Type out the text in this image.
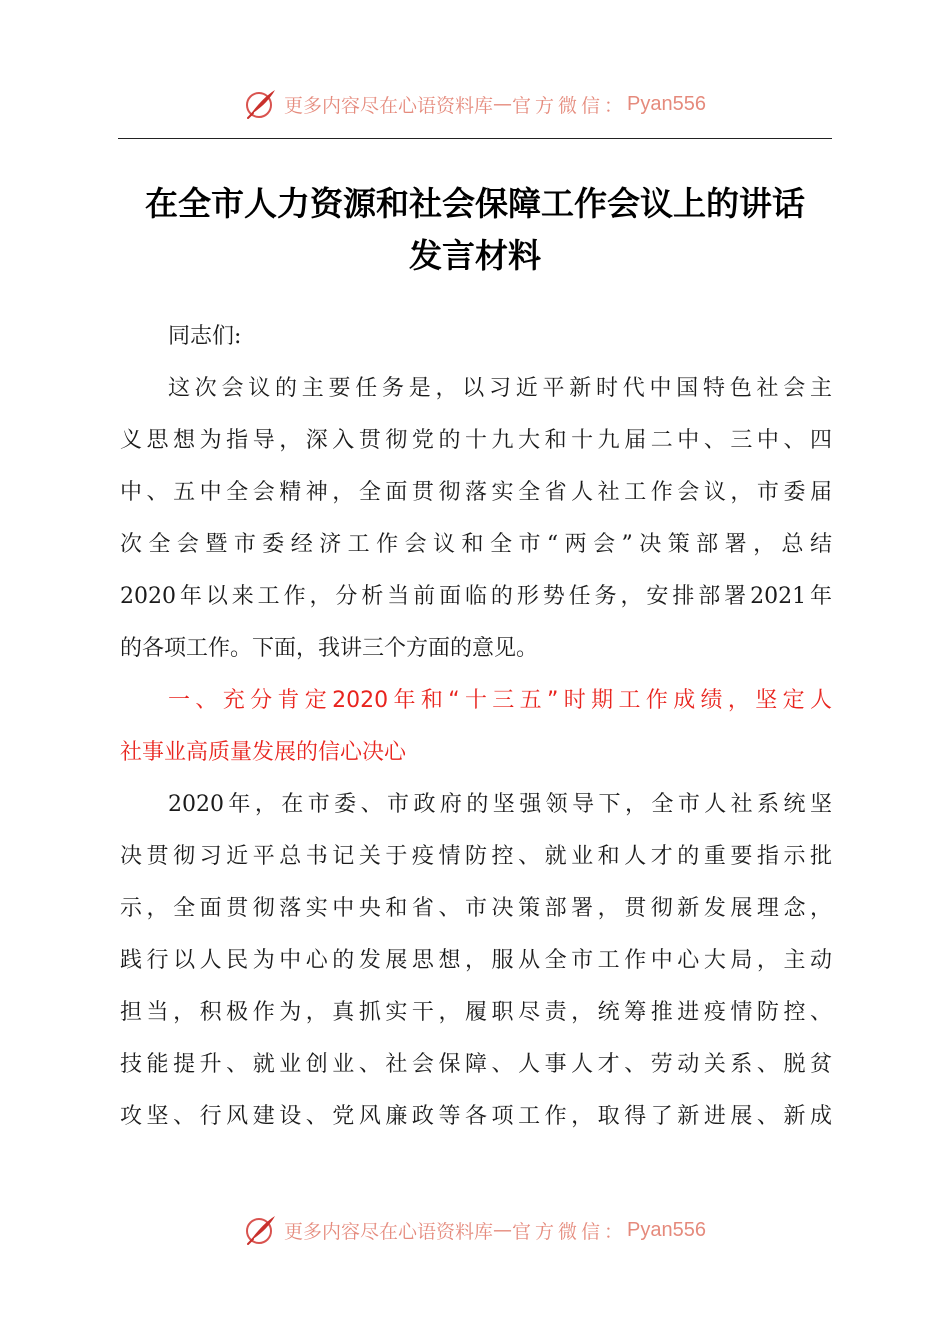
更多内容尽在心语资料库 — 官方微信： Pyan556
在全市人力资源和社会保障工作会议上的讲话
发言材料
同志们:
这次会议的主要任务是，以习近平新时代中国特色社会主
义思想为指导，深入贯彻党的十九大和十九届二中、三中、四
中、五中全会精神，全面贯彻落实全省人社工作会议，市委届
次全会暨市委经济工作会议和全市“两会”决策部署，总结
2020年以来工作，分析当前面临的形势任务，安排部署2021年
的各项工作。下面，我讲三个方面的意见。
一、充分肯定2020年和“十三五”时期工作成绩，坚定人
社事业高质量发展的信心决心
2020年，在市委、市政府的坚强领导下，全市人社系统坚
决贯彻习近平总书记关于疫情防控、就业和人才的重要指示批
示，全面贯彻落实中央和省、市决策部署，贯彻新发展理念，
践行以人民为中心的发展思想，服从全市工作中心大局，主动
担当，积极作为，真抓实干，履职尽责，统筹推进疫情防控、
技能提升、就业创业、社会保障、人事人才、劳动关系、脱贫
攻坚、行风建设、党风廉政等各项工作，取得了新进展、新成
更多内容尽在心语资料库 — 官方微信： Pyan556
